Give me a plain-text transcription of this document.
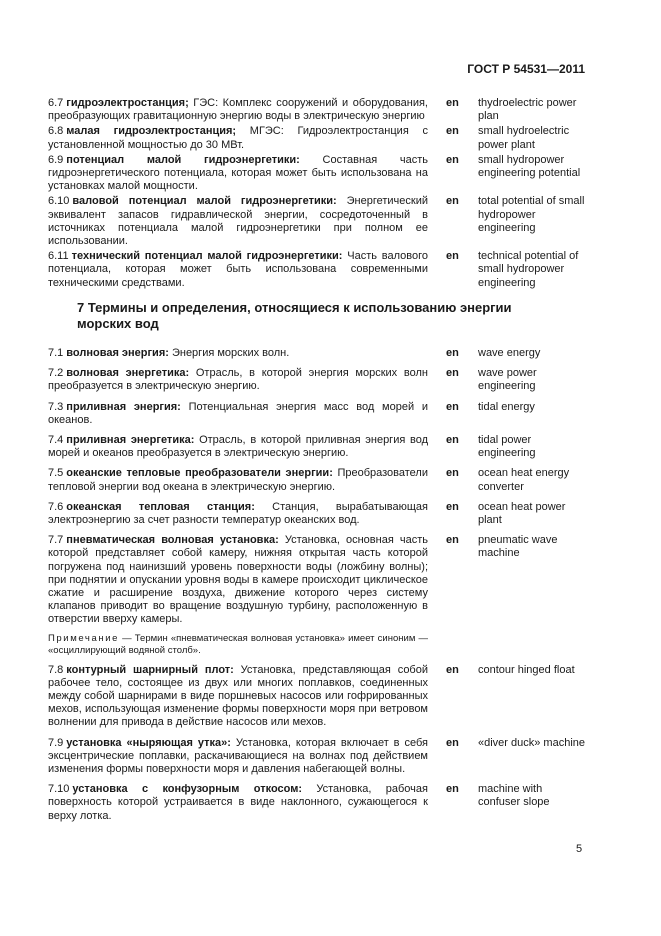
ГОСТ Р 54531—2011
6.7 гидроэлектростанция; ГЭС: Комплекс сооружений и оборудования, преобразующих гравитационную энергию воды в электрическую энергию
en thydroelectric power plan
6.8 малая гидроэлектростанция; МГЭС: Гидроэлектростанция с установленной мощностью до 30 МВт.
en small hydroelectric power plant
6.9 потенциал малой гидроэнергетики: Составная часть гидроэнергетического потенциала, которая может быть использована на установках малой мощности.
en small hydropower engineering potential
6.10 валовой потенциал малой гидроэнергетики: Энергетический эквивалент запасов гидравлической энергии, сосредоточенный в источниках потенциала малой гидроэнергетики при полном ее использовании.
en total potential of small hydropower engineering
6.11 технический потенциал малой гидроэнергетики: Часть валового потенциала, которая может быть использована современными техническими средствами.
en technical potential of small hydropower engineering
7 Термины и определения, относящиеся к использованию энергии морских вод
7.1 волновая энергия: Энергия морских волн.	en wave energy
7.2 волновая энергетика: Отрасль, в которой энергия морских волн преобразуется в электрическую энергию.
en wave power engineering
7.3 приливная энергия: Потенциальная энергия масс вод морей и океанов.
en tidal energy
7.4 приливная энергетика: Отрасль, в которой приливная энергия вод морей и океанов преобразуется в электрическую энергию.
en tidal power engineering
7.5 океанские тепловые преобразователи энергии: Преобразователи тепловой энергии вод океана в электрическую энергию.
en ocean heat energy converter
7.6 океанская тепловая станция: Станция, вырабатывающая электроэнергию за счет разности температур океанских вод.
en ocean heat power plant
7.7 пневматическая волновая установка: Установка, основная часть которой представляет собой камеру, нижняя открытая часть которой погружена под наинизший уровень поверхности воды (ложбину волны); при поднятии и опускании уровня воды в камере происходит циклическое сжатие и расширение воздуха, движение которого через систему клапанов приводит во вращение воздушную турбину, расположенную в отверстии вверху камеры.
Примечание — Термин «пневматическая волновая установка» имеет синоним — «осциллирующий водяной столб».
en pneumatic wave machine
7.8 контурный шарнирный плот: Установка, представляющая собой рабочее тело, состоящее из двух или многих поплавков, соединенных между собой шарнирами в виде поршневых насосов или гофрированных мехов, использующая изменение формы поверхности моря при ветровом волнении для привода в действие насосов или мехов.
en contour hinged float
7.9 установка «ныряющая утка»: Установка, которая включает в себя эксцентрические поплавки, раскачивающиеся на волнах под действием изменения формы поверхности моря и давления набегающей волны.
en «diver duck» machine
7.10 установка с конфузорным откосом: Установка, рабочая поверхность которой устраивается в виде наклонного, сужающегося к верху лотка.
en machine with confuser slope
5
